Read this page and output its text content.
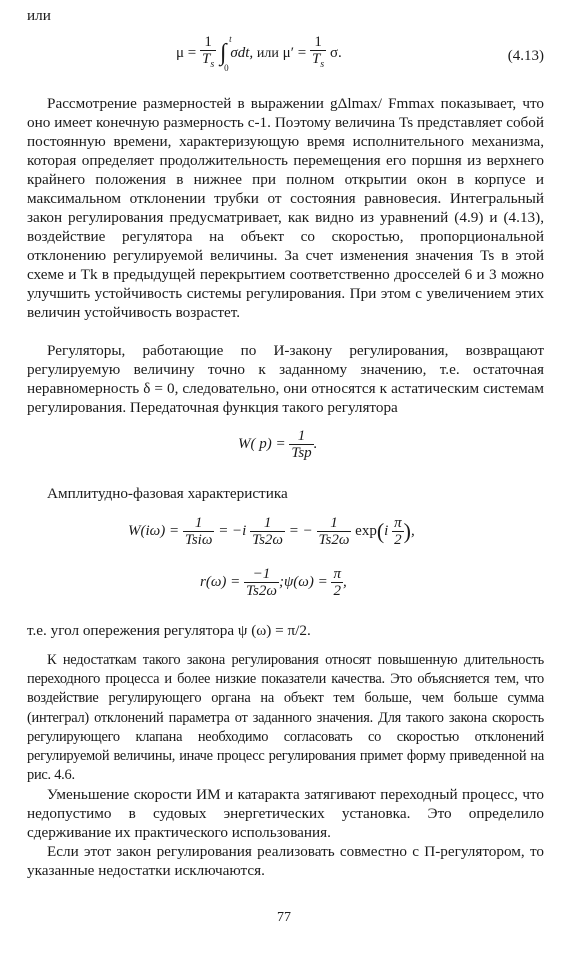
или
$\mu = \frac{1}{T_s}$ ∫
t
0
σdt, или $\mu' = \frac{1}{T_s} \sigma$.	(4.13)
Рассмотрение размерностей в выражении gΔlmax/ Fmmax показывает, что оно имеет конечную размерность с-1. Поэтому величина Ts представляет собой постоянную времени, характеризующую время исполнительного механизма, которая определяет продолжительность перемещения его поршня из верхнего крайнего положения в нижнее при полном открытии окон в корпусе и максимальном отклонении трубки от состояния равновесия. Интегральный закон регулирования предусматривает, как видно из уравнений (4.9) и (4.13), воздействие регулятора на объект со скоростью, пропорциональной отклонению регулируемой величины. За счет изменения значения Ts в этой схеме и Tk в предыдущей перекрытием соответственно дросселей 6 и 3 можно улучшить устойчивость системы регулирования. При этом с увеличением этих величин устойчивость возрастет.
Регуляторы, работающие по И-закону регулирования, возвращают регулируемую величину точно к заданному значению, т.е. остаточная неравномерность δ = 0, следовательно, они относятся к астатическим системам регулирования. Передаточная функция такого регулятора
W( $p) = \frac{1}{\text{Tsp}}$ .
Амплитудно-фазовая характеристика
$W(i\omega) = \frac{1}{\text{Tsiω}} = -i \frac{1}{Ts2\omega}$ = − $\frac{1}{Ts2\omega} \exp(i \frac{\pi}{2}$ ),
$r(\omega) = \frac{-1}{Ts2\omega}$ ;ψ(ω) = $\frac{\pi}{2}$ ,
т.е. угол опережения регулятора ψ (ω) = π/2.
К недостаткам такого закона регулирования относят повышенную длительность переходного процесса и более низкие показатели качества. Это объясняется тем, что воздействие регулирующего органа на объект тем больше, чем больше сумма (интеграл) отклонений параметра от заданного значения. Для такого закона скорость регулирующего клапана необходимо согласовать со скоростью отклонений регулируемой величины, иначе процесс регулирования примет форму приведенной на рис. 4.6.
Уменьшение скорости ИМ и катаракта затягивают переходный процесс, что недопустимо в судовых энергетических установка. Это определило сдерживание их практического использования.
Если этот закон регулирования реализовать совместно с П-регулятором, то указанные недостатки исключаются.
77
